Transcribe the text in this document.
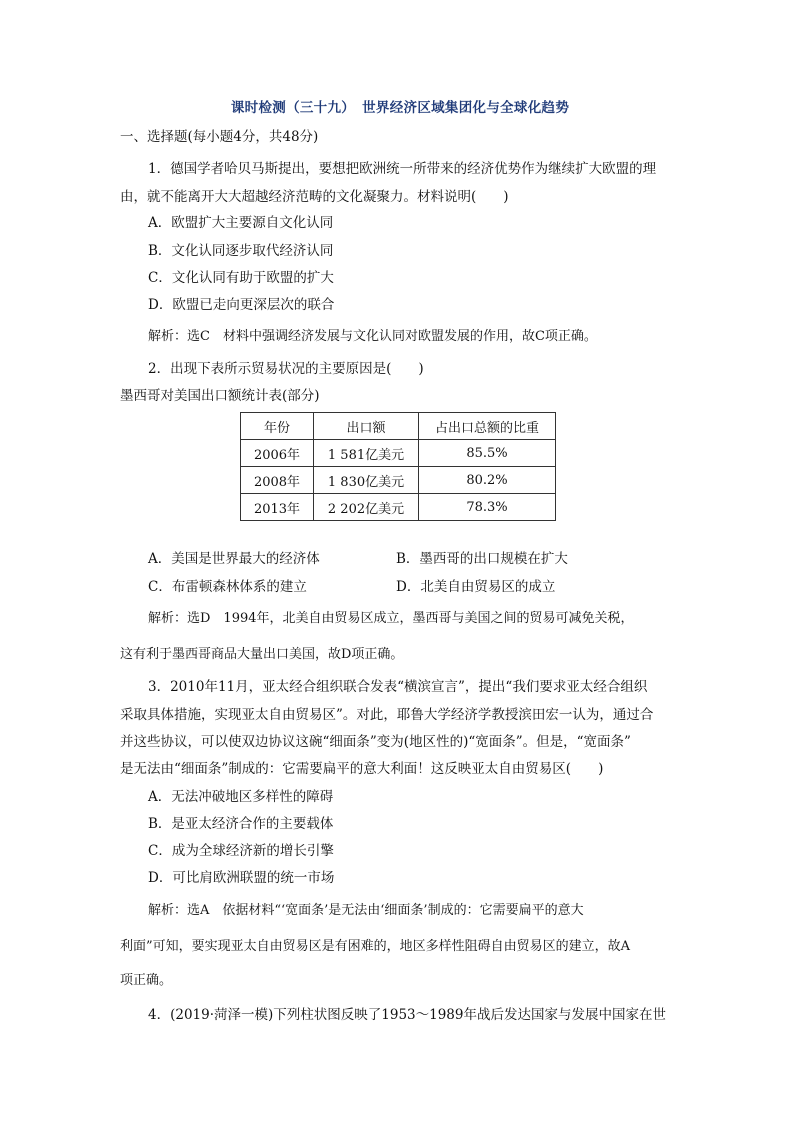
课时检测（三十九）　世界经济区域集团化与全球化趋势
一、选择题(每小题4分，共48分)
1．德国学者哈贝马斯提出，要想把欧洲统一所带来的经济优势作为继续扩大欧盟的理
由，就不能离开大大超越经济范畴的文化凝聚力。材料说明(　　)
A．欧盟扩大主要源自文化认同
B．文化认同逐步取代经济认同
C．文化认同有助于欧盟的扩大
D．欧盟已走向更深层次的联合
解析：选C　材料中强调经济发展与文化认同对欧盟发展的作用，故C项正确。
2．出现下表所示贸易状况的主要原因是(　　)
墨西哥对美国出口额统计表(部分)
年份	出口额	占出口总额的比重
2006年	1 581亿美元	85.5%
2008年	1 830亿美元	80.2%
2013年	2 202亿美元	78.3%
A．美国是世界最大的经济体	B．墨西哥的出口规模在扩大
C．布雷顿森林体系的建立	D．北美自由贸易区的成立
解析：选D　1994年，北美自由贸易区成立，墨西哥与美国之间的贸易可减免关税，
这有利于墨西哥商品大量出口美国，故D项正确。
3．2010年11月，亚太经合组织联合发表“横滨宣言”，提出“我们要求亚太经合组织
采取具体措施，实现亚太自由贸易区”。对此，耶鲁大学经济学教授滨田宏一认为，通过合
并这些协议，可以使双边协议这碗“细面条”变为(地区性的)“宽面条”。但是，“宽面条”
是无法由“细面条”制成的：它需要扁平的意大利面！这反映亚太自由贸易区(　　)
A．无法冲破地区多样性的障碍
B．是亚太经济合作的主要载体
C．成为全球经济新的增长引擎
D．可比肩欧洲联盟的统一市场
解析：选A　依据材料“‘宽面条’是无法由‘细面条’制成的：它需要扁平的意大
利面”可知，要实现亚太自由贸易区是有困难的，地区多样性阻碍自由贸易区的建立，故A
项正确。
4．(2019·菏泽一模)下列柱状图反映了1953～1989年战后发达国家与发展中国家在世
